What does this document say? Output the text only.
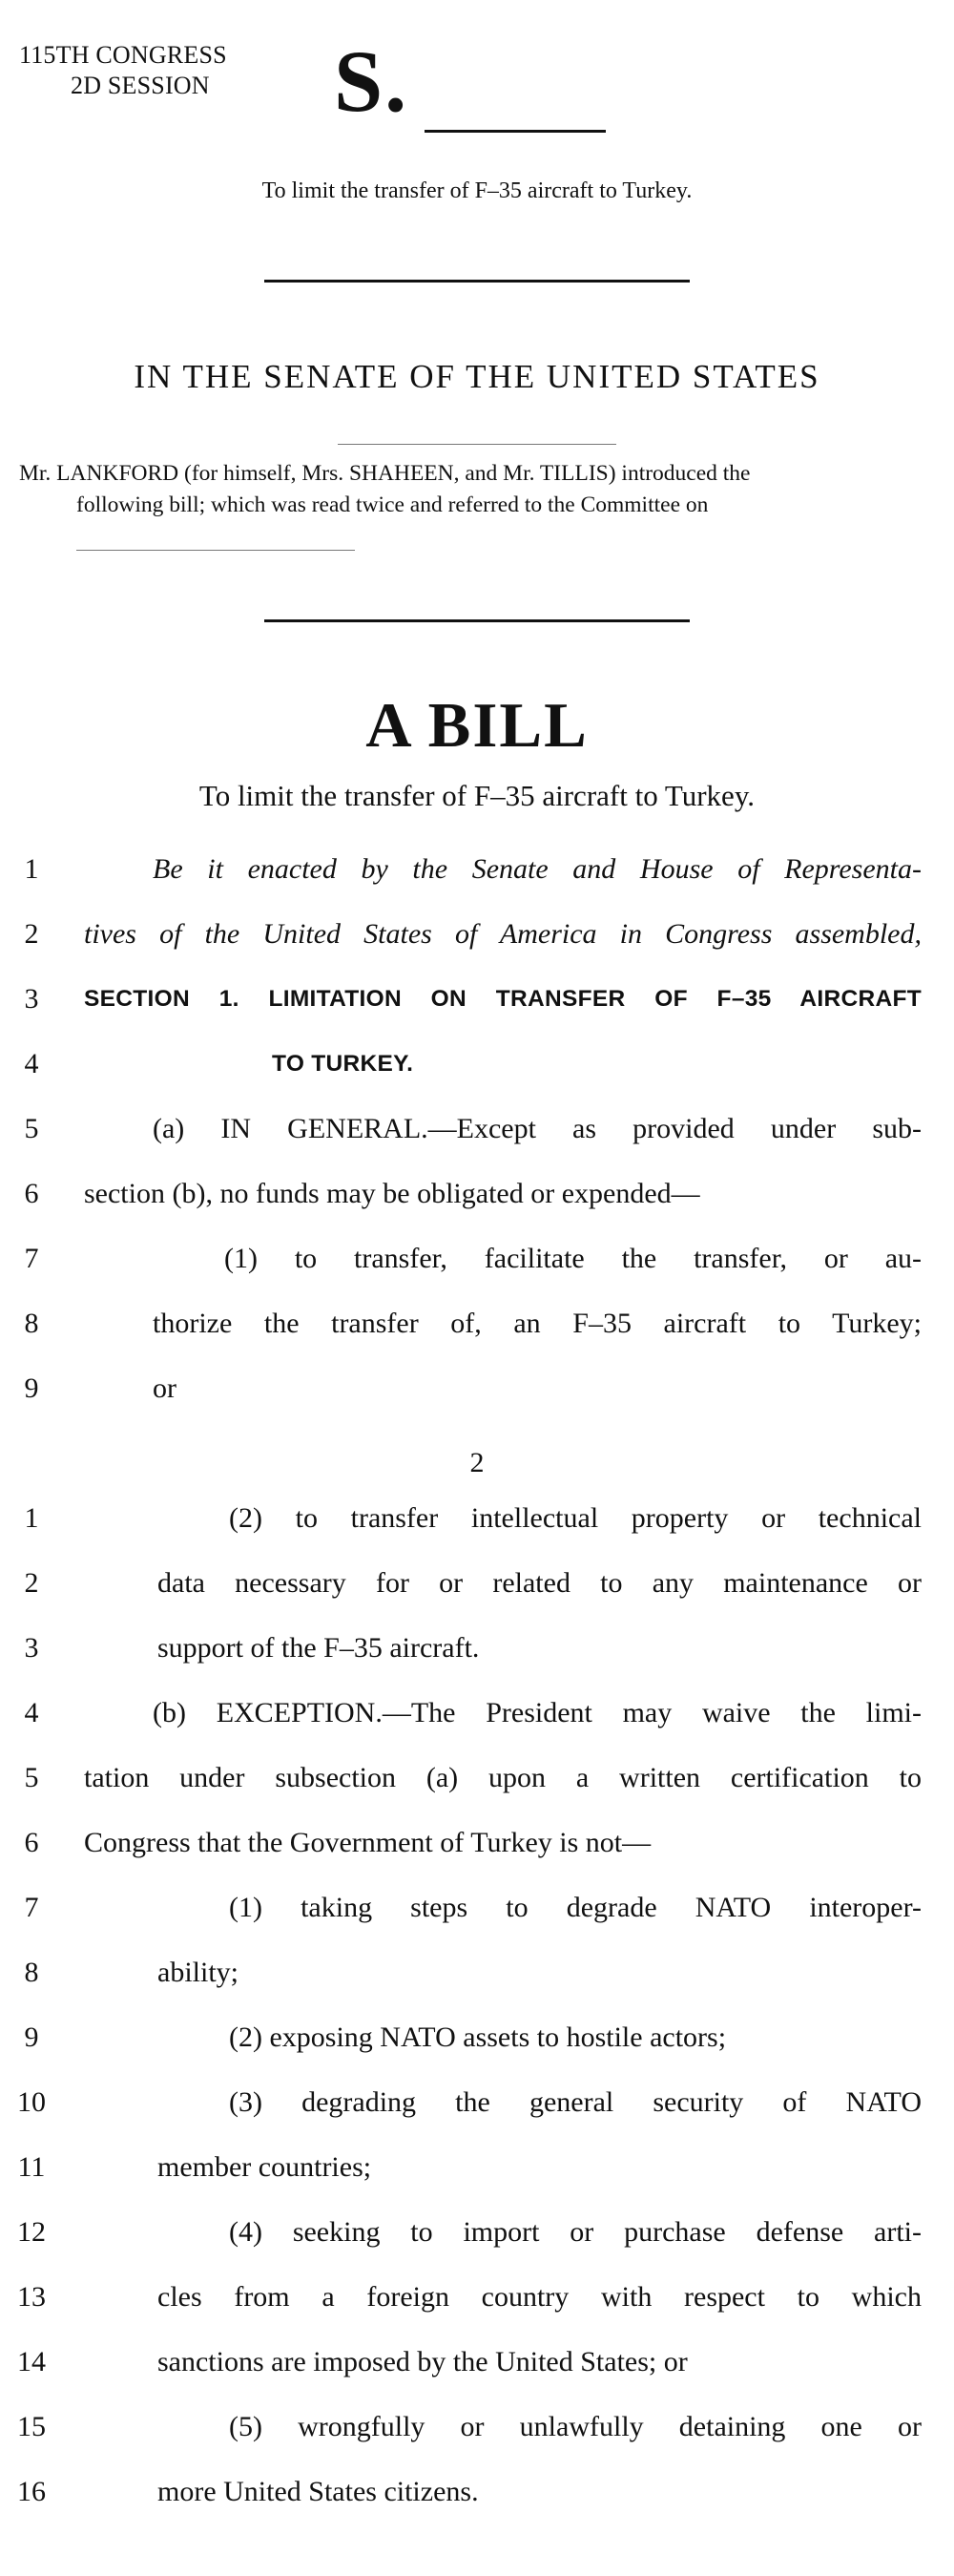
115TH CONGRESS
2D SESSION	S.
To limit the transfer of F–35 aircraft to Turkey.
IN THE SENATE OF THE UNITED STATES
Mr. LANKFORD (for himself, Mrs. SHAHEEN, and Mr. TILLIS) introduced the
following bill; which was read twice and referred to the Committee on
A BILL
To limit the transfer of F–35 aircraft to Turkey.
1	Be it enacted by the Senate and House of Representa-
2	tives of the United States of America in Congress assembled,
3	SECTION 1. LIMITATION ON TRANSFER OF F–35 AIRCRAFT
4	TO TURKEY.
5	(a) IN GENERAL.—Except as provided under sub-
6	section (b), no funds may be obligated or expended—
7	(1) to transfer, facilitate the transfer, or au-
8	thorize the transfer of, an F–35 aircraft to Turkey;
9	or
2
1	(2) to transfer intellectual property or technical
2	data necessary for or related to any maintenance or
3	support of the F–35 aircraft.
4	(b) EXCEPTION.—The President may waive the limi-
5	tation under subsection (a) upon a written certification to
6	Congress that the Government of Turkey is not—
7	(1) taking steps to degrade NATO interoper-
8	ability;
9	(2) exposing NATO assets to hostile actors;
10	(3) degrading the general security of NATO
11	member countries;
12	(4) seeking to import or purchase defense arti-
13	cles from a foreign country with respect to which
14	sanctions are imposed by the United States; or
15	(5) wrongfully or unlawfully detaining one or
16	more United States citizens.
